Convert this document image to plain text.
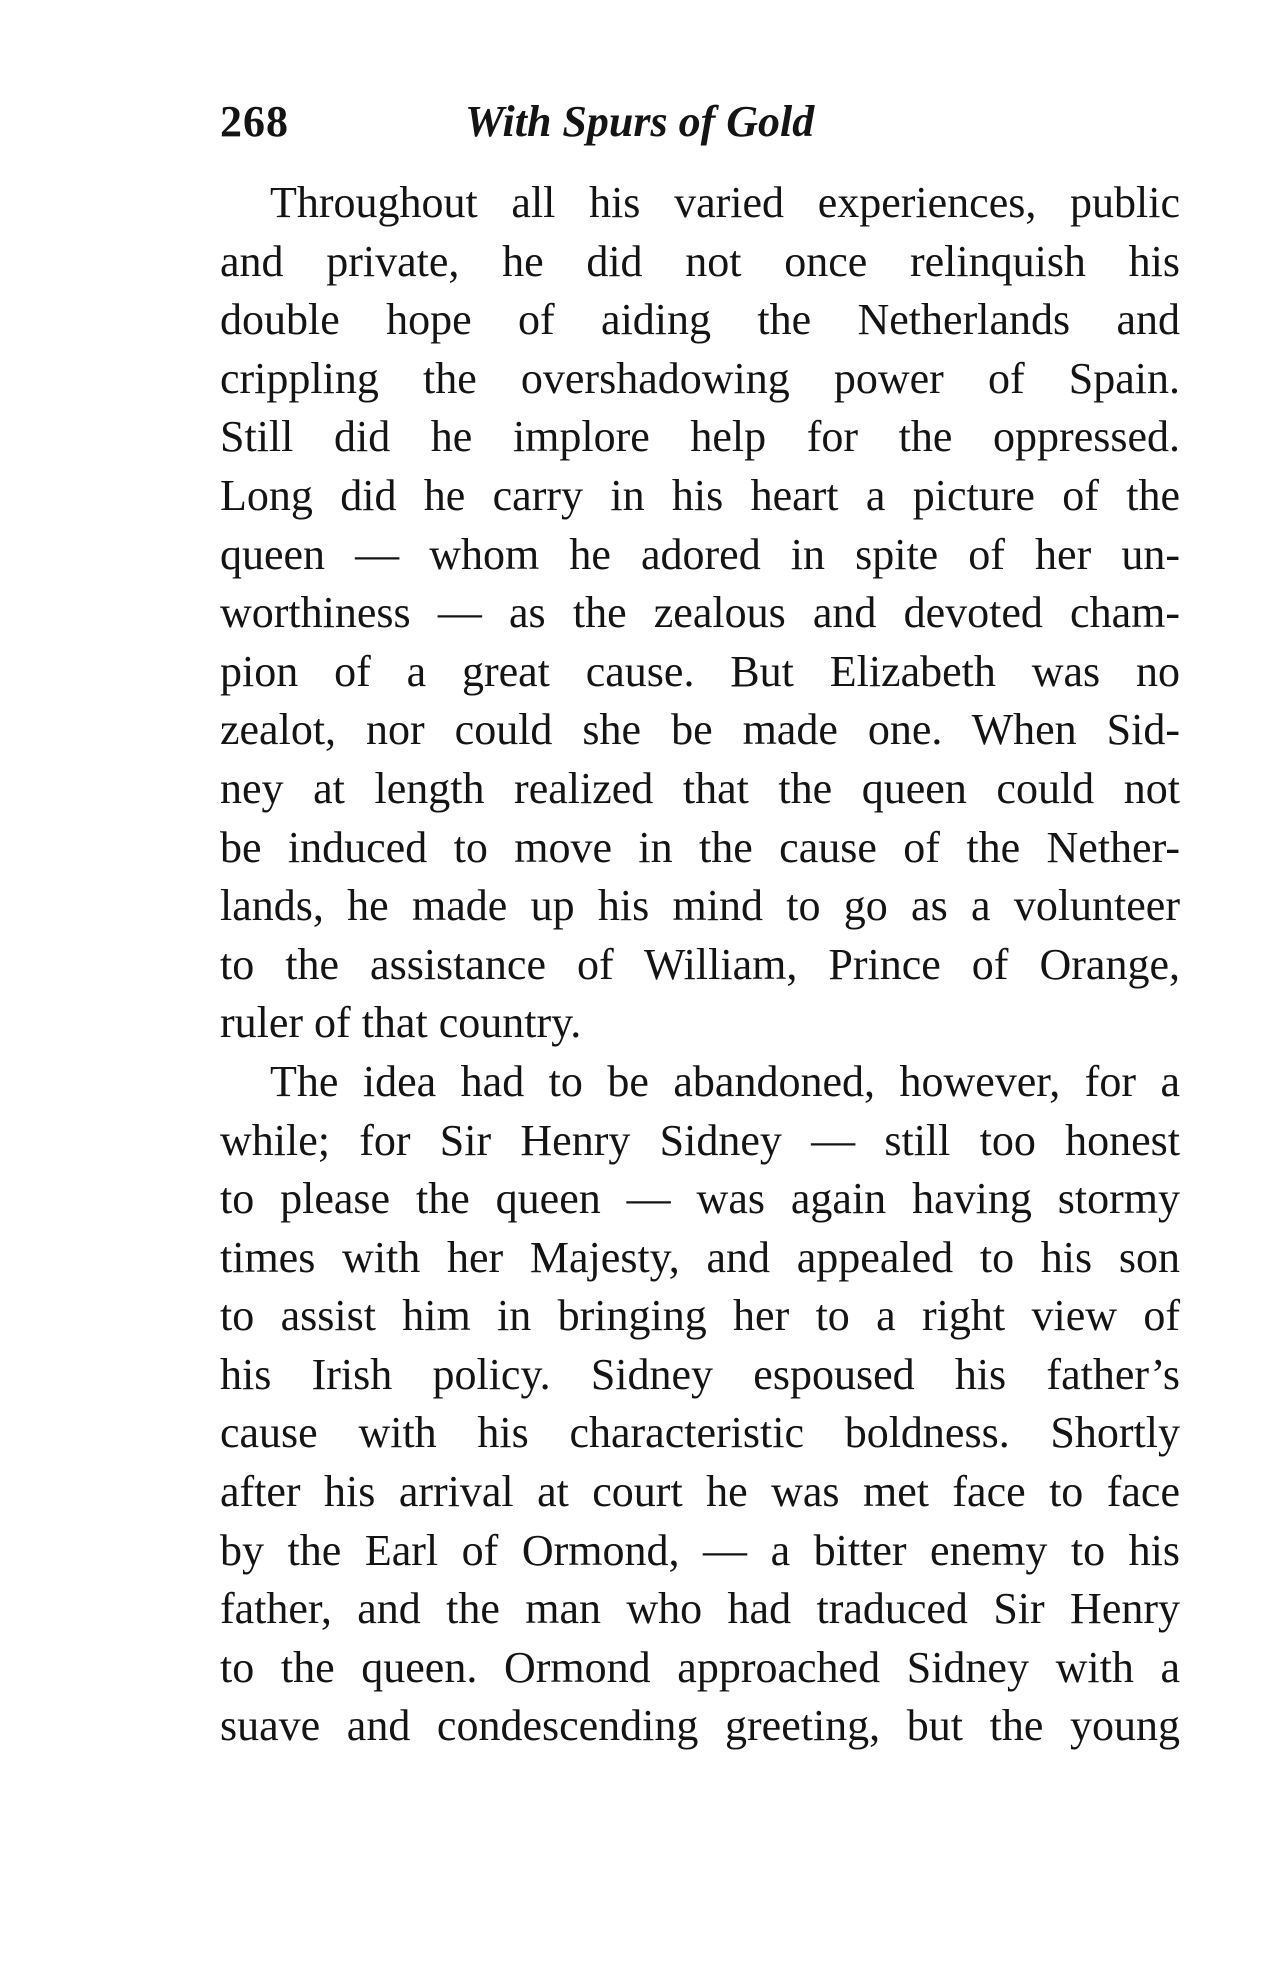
268	With Spurs of Gold
Throughout all his varied experiences, public
and private, he did not once relinquish his
double hope of aiding the Netherlands and
crippling the overshadowing power of Spain.
Still did he implore help for the oppressed.
Long did he carry in his heart a picture of the
queen — whom he adored in spite of her un-
worthiness — as the zealous and devoted cham-
pion of a great cause. But Elizabeth was no
zealot, nor could she be made one. When Sid-
ney at length realized that the queen could not
be induced to move in the cause of the Nether-
lands, he made up his mind to go as a volunteer
to the assistance of William, Prince of Orange,
ruler of that country.
The idea had to be abandoned, however, for a
while; for Sir Henry Sidney — still too honest
to please the queen — was again having stormy
times with her Majesty, and appealed to his son
to assist him in bringing her to a right view of
his Irish policy. Sidney espoused his father’s
cause with his characteristic boldness. Shortly
after his arrival at court he was met face to face
by the Earl of Ormond, — a bitter enemy to his
father, and the man who had traduced Sir Henry
to the queen. Ormond approached Sidney with a
suave and condescending greeting, but the young
